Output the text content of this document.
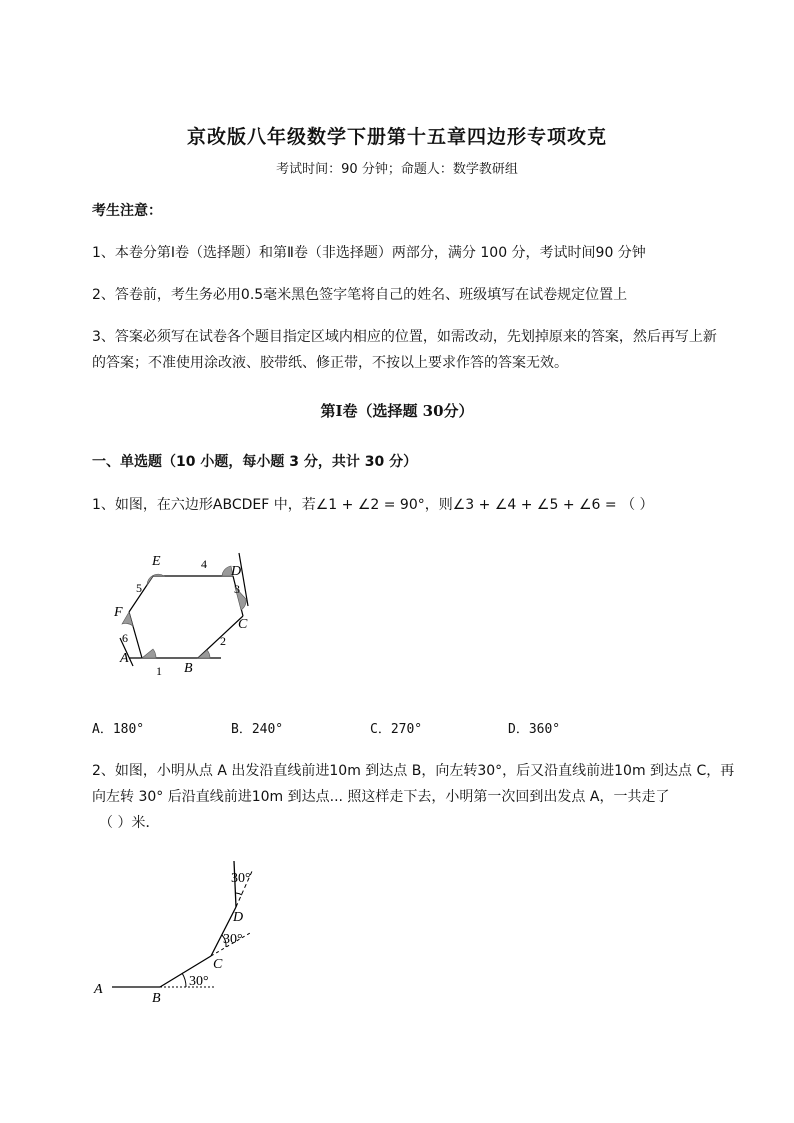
京改版八年级数学下册第十五章四边形专项攻克
考试时间：90 分钟；命题人：数学教研组
考生注意：
1、本卷分第Ⅰ卷（选择题）和第Ⅱ卷（非选择题）两部分，满分 100 分，考试时间90 分钟
2、答卷前，考生务必用0.5毫米黑色签字笔将自己的姓名、班级填写在试卷规定位置上
3、答案必须写在试卷各个题目指定区域内相应的位置，如需改动，先划掉原来的答案，然后再写上新
的答案；不准使用涂改液、胶带纸、修正带，不按以上要求作答的答案无效。
第Ⅰ卷（选择题 30分）
一、单选题（10 小题，每小题 3 分，共计 30 分）
1、如图，在六边形ABCDEF 中，若∠1 + ∠2 = 90°，则∠3 + ∠4 + ∠5 + ∠6 = （ ）
E
D
C
B
A
F
1
2
3
4
5
6
A．180°	B．240°	C．270°	D．360°
2、如图，小明从点 A 出发沿直线前进10m 到达点 B，向左转30°，后又沿直线前进10m 到达点 C，再
向左转 30° 后沿直线前进10m 到达点... 照这样走下去，小明第一次回到出发点 A，一共走了
（ ）米．
A
B
C
D
30°
30°
30°
